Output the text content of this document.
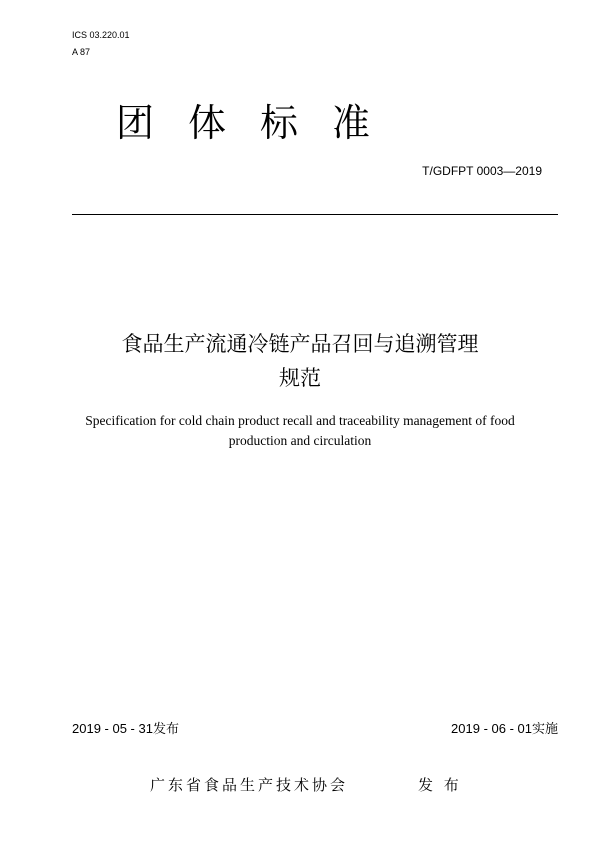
ICS 03.220.01
A 87
团体标准
T/GDFPT 0003—2019
食品生产流通冷链产品召回与追溯管理
规范
Specification for cold chain product recall and traceability management of food
production and circulation
2019 - 05 - 31发布	2019 - 06 - 01实施
广东省食品生产技术协会	发 布
